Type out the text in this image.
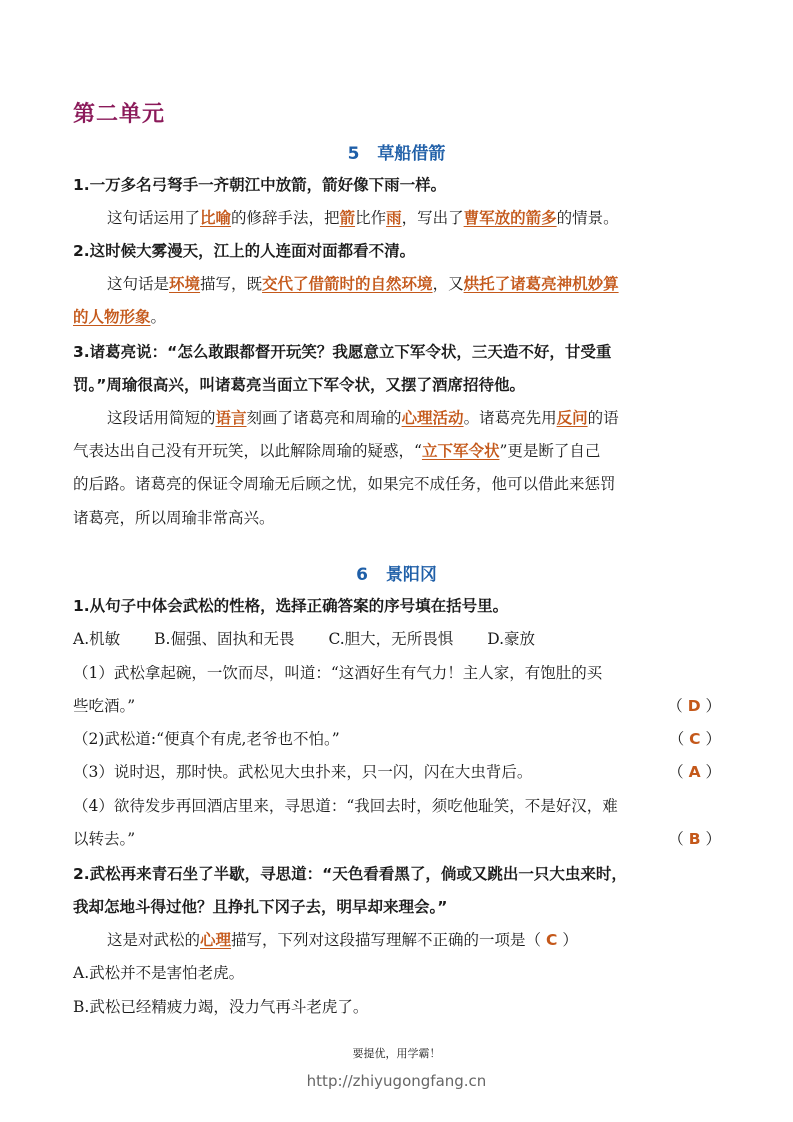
第二单元
5 草船借箭
1.一万多名弓弩手一齐朝江中放箭，箭好像下雨一样。
这句话运用了比喻的修辞手法，把箭比作雨，写出了曹军放的箭多的情景。
2.这时候大雾漫天，江上的人连面对面都看不清。
这句话是环境描写，既交代了借箭时的自然环境，又烘托了诸葛亮神机妙算
的人物形象。
3.诸葛亮说：“怎么敢跟都督开玩笑？我愿意立下军令状，三天造不好，甘受重
罚。”周瑜很高兴，叫诸葛亮当面立下军令状，又摆了酒席招待他。
这段话用简短的语言刻画了诸葛亮和周瑜的心理活动。诸葛亮先用反问的语
气表达出自己没有开玩笑，以此解除周瑜的疑惑，“立下军令状”更是断了自己
的后路。诸葛亮的保证令周瑜无后顾之忧，如果完不成任务，他可以借此来惩罚
诸葛亮，所以周瑜非常高兴。
6 景阳冈
1.从句子中体会武松的性格，选择正确答案的序号填在括号里。
A.机敏 B.倔强、固执和无畏 C.胆大，无所畏惧 D.豪放
（1）武松拿起碗，一饮而尽，叫道：“这酒好生有气力！主人家，有饱肚的买
些吃酒。”	（ D ）
（2)武松道:“便真个有虎,老爷也不怕。”	（ C ）
（3）说时迟，那时快。武松见大虫扑来，只一闪，闪在大虫背后。	（ A ）
（4）欲待发步再回酒店里来，寻思道：“我回去时，须吃他耻笑，不是好汉，难
以转去。”	（ B ）
2.武松再来青石坐了半歇，寻思道：“天色看看黑了，倘或又跳出一只大虫来时，
我却怎地斗得过他？且挣扎下冈子去，明早却来理会。”
这是对武松的心理描写，下列对这段描写理解不正确的一项是（ C ）
A.武松并不是害怕老虎。
B.武松已经精疲力竭，没力气再斗老虎了。
要提优，用学霸！
http://zhiyugongfang.cn
